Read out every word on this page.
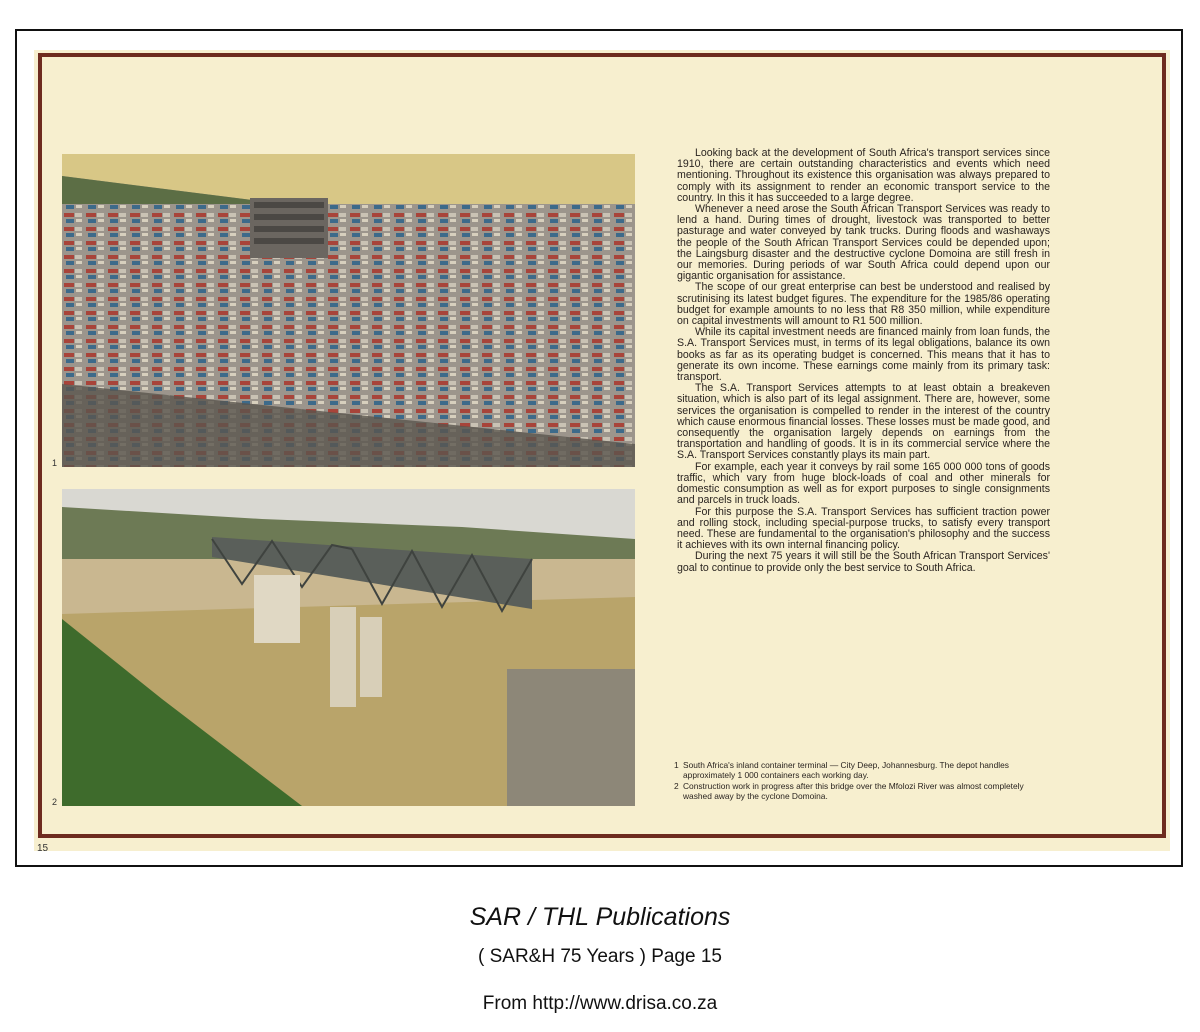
1
2

Looking back at the development of South Africa's transport services since 1910, there are certain outstanding characteristics and events which need mentioning. Throughout its existence this organisation was always prepared to comply with its assignment to render an economic transport service to the country. In this it has succeeded to a large degree.

Whenever a need arose the South African Transport Services was ready to lend a hand. During times of drought, livestock was transported to better pasturage and water conveyed by tank trucks. During floods and washaways the people of the South African Transport Services could be depended upon; the Laingsburg disaster and the destructive cyclone Domoina are still fresh in our memories. During periods of war South Africa could depend upon our gigantic organisation for assistance.

The scope of our great enterprise can best be understood and realised by scrutinising its latest budget figures. The expenditure for the 1985/86 operating budget for example amounts to no less that R8 350 million, while expenditure on capital investments will amount to R1 500 million.

While its capital investment needs are financed mainly from loan funds, the S.A. Transport Services must, in terms of its legal obligations, balance its own books as far as its operating budget is concerned. This means that it has to generate its own income. These earnings come mainly from its primary task: transport.

The S.A. Transport Services attempts to at least obtain a breakeven situation, which is also part of its legal assignment. There are, however, some services the organisation is compelled to render in the interest of the country which cause enormous financial losses. These losses must be made good, and consequently the organisation largely depends on earnings from the transportation and handling of goods. It is in its commercial service where the S.A. Transport Services constantly plays its main part.

For example, each year it conveys by rail some 165 000 000 tons of goods traffic, which vary from huge block-loads of coal and other minerals for domestic consumption as well as for export purposes to single consignments and parcels in truck loads.

For this purpose the S.A. Transport Services has sufficient traction power and rolling stock, including special-purpose trucks, to satisfy every transport need. These are fundamental to the organisation's philosophy and the success it achieves with its own internal financing policy.

During the next 75 years it will still be the South African Transport Services' goal to continue to provide only the best service to South Africa.

1 South Africa's inland container terminal — City Deep, Johannesburg. The depot handles approximately 1 000 containers each working day.
2 Construction work in progress after this bridge over the Mfolozi River was almost completely washed away by the cyclone Domoina.
15
SAR / THL Publications
( SAR&H 75 Years ) Page 15
From http://www.drisa.co.za
